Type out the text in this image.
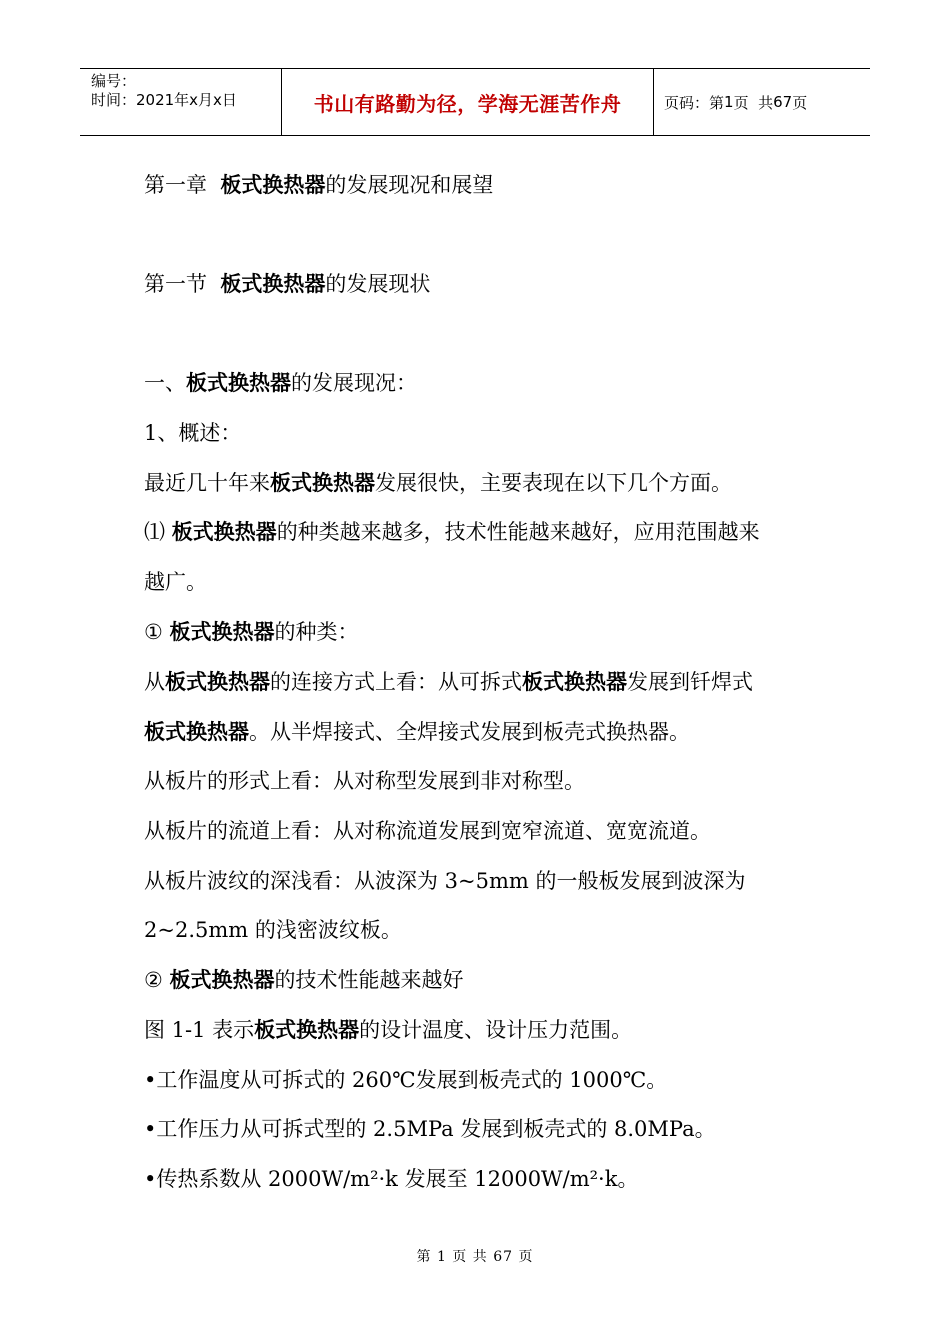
编号：
时间：2021年x月x日	书山有路勤为径，学海无涯苦作舟	页码：第 1 页  共 67 页
第一章  板式换热器的发展现况和展望
第一节  板式换热器的发展现状
一、板式换热器的发展现况：
1、概述：
最近几十年来板式换热器发展很快，主要表现在以下几个方面。
⑴ 板式换热器的种类越来越多，技术性能越来越好，应用范围越来
越广。
① 板式换热器的种类：
从板式换热器的连接方式上看：从可拆式板式换热器发展到钎焊式
板式换热器。从半焊接式、全焊接式发展到板壳式换热器。
从板片的形式上看：从对称型发展到非对称型。
从板片的流道上看：从对称流道发展到宽窄流道、宽宽流道。
从板片波纹的深浅看：从波深为 3~5mm 的一般板发展到波深为
2~2.5mm 的浅密波纹板。
② 板式换热器的技术性能越来越好
图 1-1 表示板式换热器的设计温度、设计压力范围。
•工作温度从可拆式的 260℃发展到板壳式的 1000℃。
•工作压力从可拆式型的 2.5MPa 发展到板壳式的 8.0MPa。
•传热系数从 2000W/m²·k 发展至 12000W/m²·k。
第 1 页 共 67 页
